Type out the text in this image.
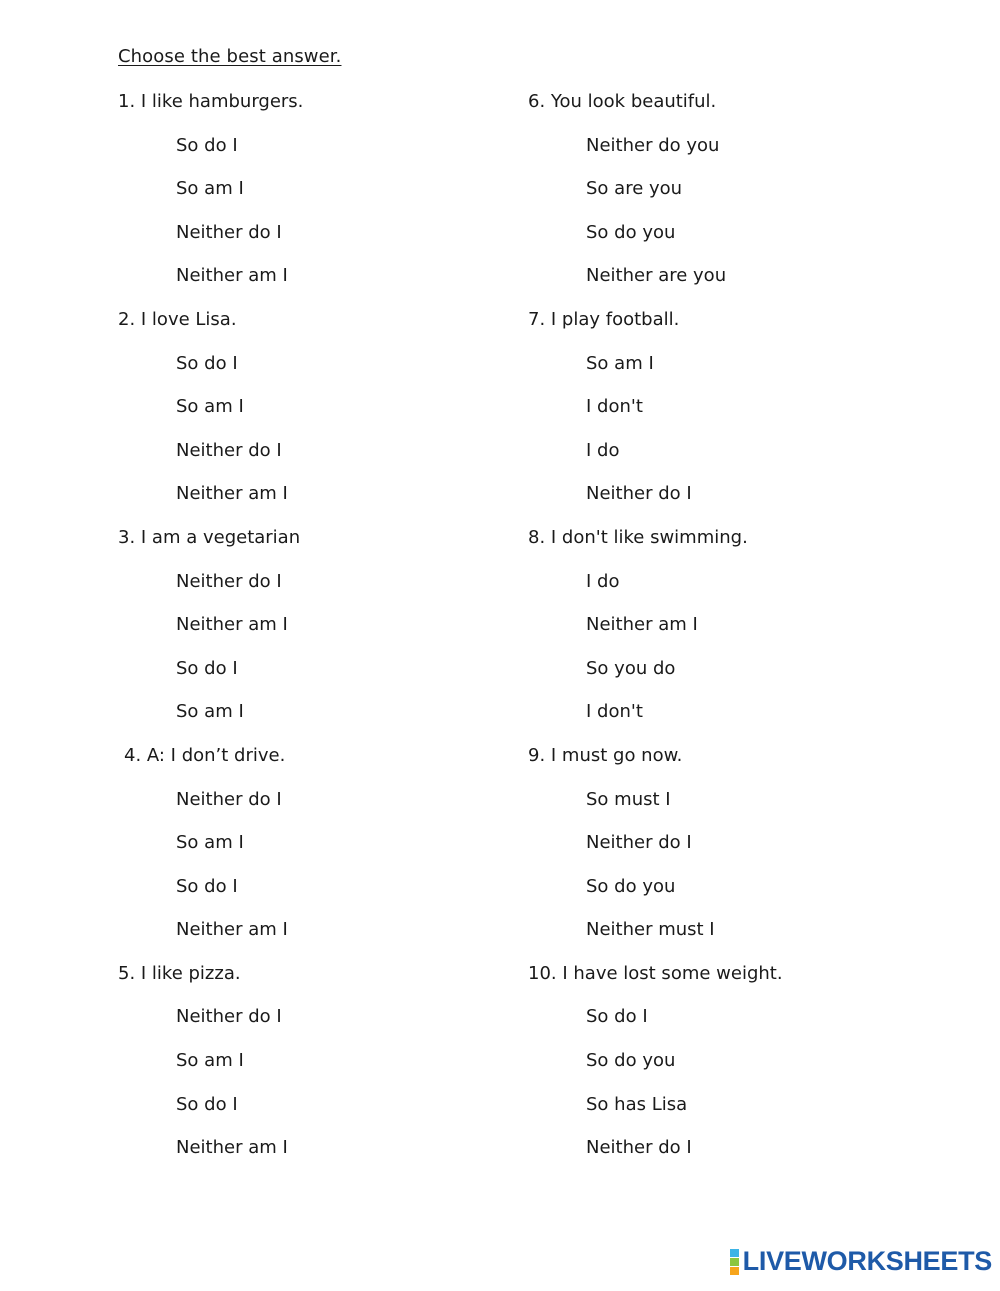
Choose the best answer.
1. I like hamburgers.
So do I
So am I
Neither do I
Neither am I
2. I love Lisa.
So do I
So am I
Neither do I
Neither am I
3. I am a vegetarian
Neither do I
Neither am I
So do I
So am I
4. A: I don’t drive.
Neither do I
So am I
So do I
Neither am I
5. I like pizza.
Neither do I
So am I
So do I
Neither am I
6. You look beautiful.
Neither do you
So are you
So do you
Neither are you
7. I play football.
So am I
I don't
I do
Neither do I
8. I don't like swimming.
I do
Neither am I
So you do
I don't
9. I must go now.
So must I
Neither do I
So do you
Neither must I
10. I have lost some weight.
So do I
So do you
So has Lisa
Neither do I
LIVEWORKSHEETS
